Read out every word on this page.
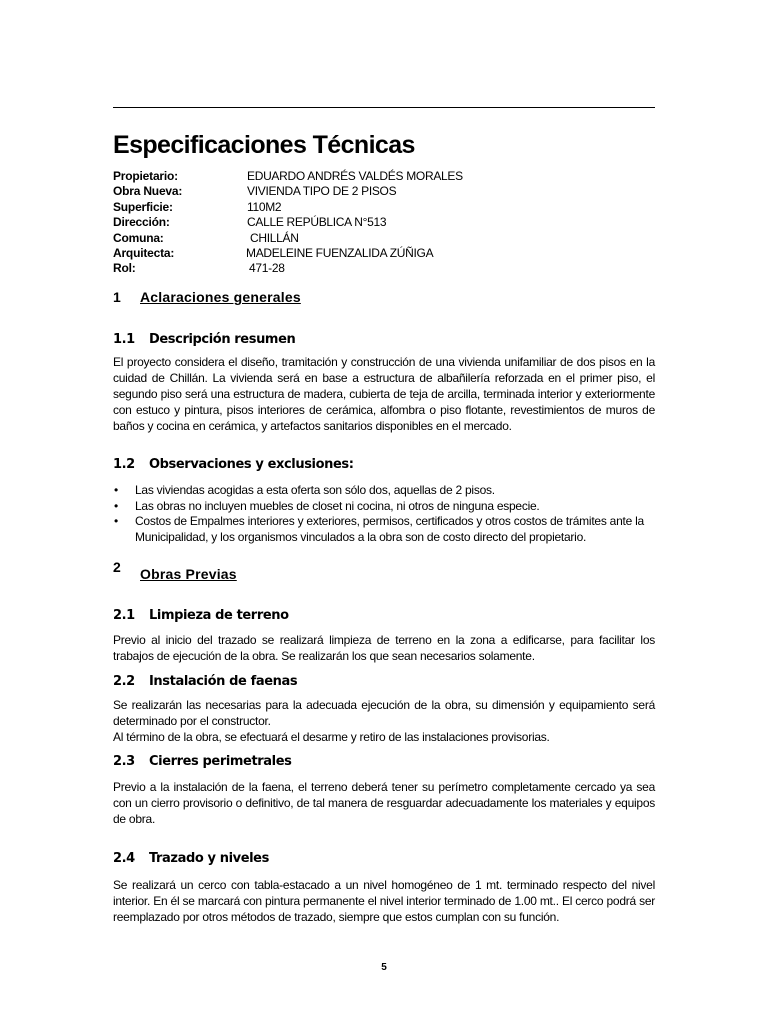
Especificaciones Técnicas
Propietario:	EDUARDO ANDRÉS VALDÉS MORALES
Obra Nueva:	VIVIENDA TIPO DE 2 PISOS
Superficie:	110M2
Dirección:	CALLE REPÚBLICA N°513
Comuna:	CHILLÁN
Arquitecta:	MADELEINE FUENZALIDA ZÚÑIGA
Rol:	471-28
1 Aclaraciones generales
1.1 Descripción resumen

El proyecto considera el diseño, tramitación y construcción de una vivienda unifamiliar de dos pisos en la cuidad de Chillán. La vivienda será en base a estructura de albañilería reforzada en el primer piso, el segundo piso será una estructura de madera, cubierta de teja de arcilla, terminada interior y exteriormente con estuco y pintura, pisos interiores de cerámica, alfombra o piso flotante, revestimientos de muros de baños y cocina en cerámica, y artefactos sanitarios disponibles en el mercado.

1.2 Observaciones y exclusiones:
• Las viviendas acogidas a esta oferta son sólo dos, aquellas de 2 pisos.
• Las obras no incluyen muebles de closet ni cocina, ni otros de ninguna especie.
• Costos de Empalmes interiores y exteriores, permisos, certificados y otros costos de trámites ante la Municipalidad, y los organismos vinculados a la obra son de costo directo del propietario.
2 Obras Previas
2.1 Limpieza de terreno

Previo al inicio del trazado se realizará limpieza de terreno en la zona a edificarse, para facilitar los trabajos de ejecución de la obra. Se realizarán los que sean necesarios solamente.

2.2 Instalación de faenas

Se realizarán las necesarias para la adecuada ejecución de la obra, su dimensión y equipamiento será determinado por el constructor.

Al término de la obra, se efectuará el desarme y retiro de las instalaciones provisorias.

2.3 Cierres perimetrales

Previo a la instalación de la faena, el terreno deberá tener su perímetro completamente cercado ya sea con un cierro provisorio o definitivo, de tal manera de resguardar adecuadamente los materiales y equipos de obra.

2.4 Trazado y niveles

Se realizará un cerco con tabla-estacado a un nivel homogéneo de 1 mt. terminado respecto del nivel interior. En él se marcará con pintura permanente el nivel interior terminado de 1.00 mt.. El cerco podrá ser reemplazado por otros métodos de trazado, siempre que estos cumplan con su función.

5
